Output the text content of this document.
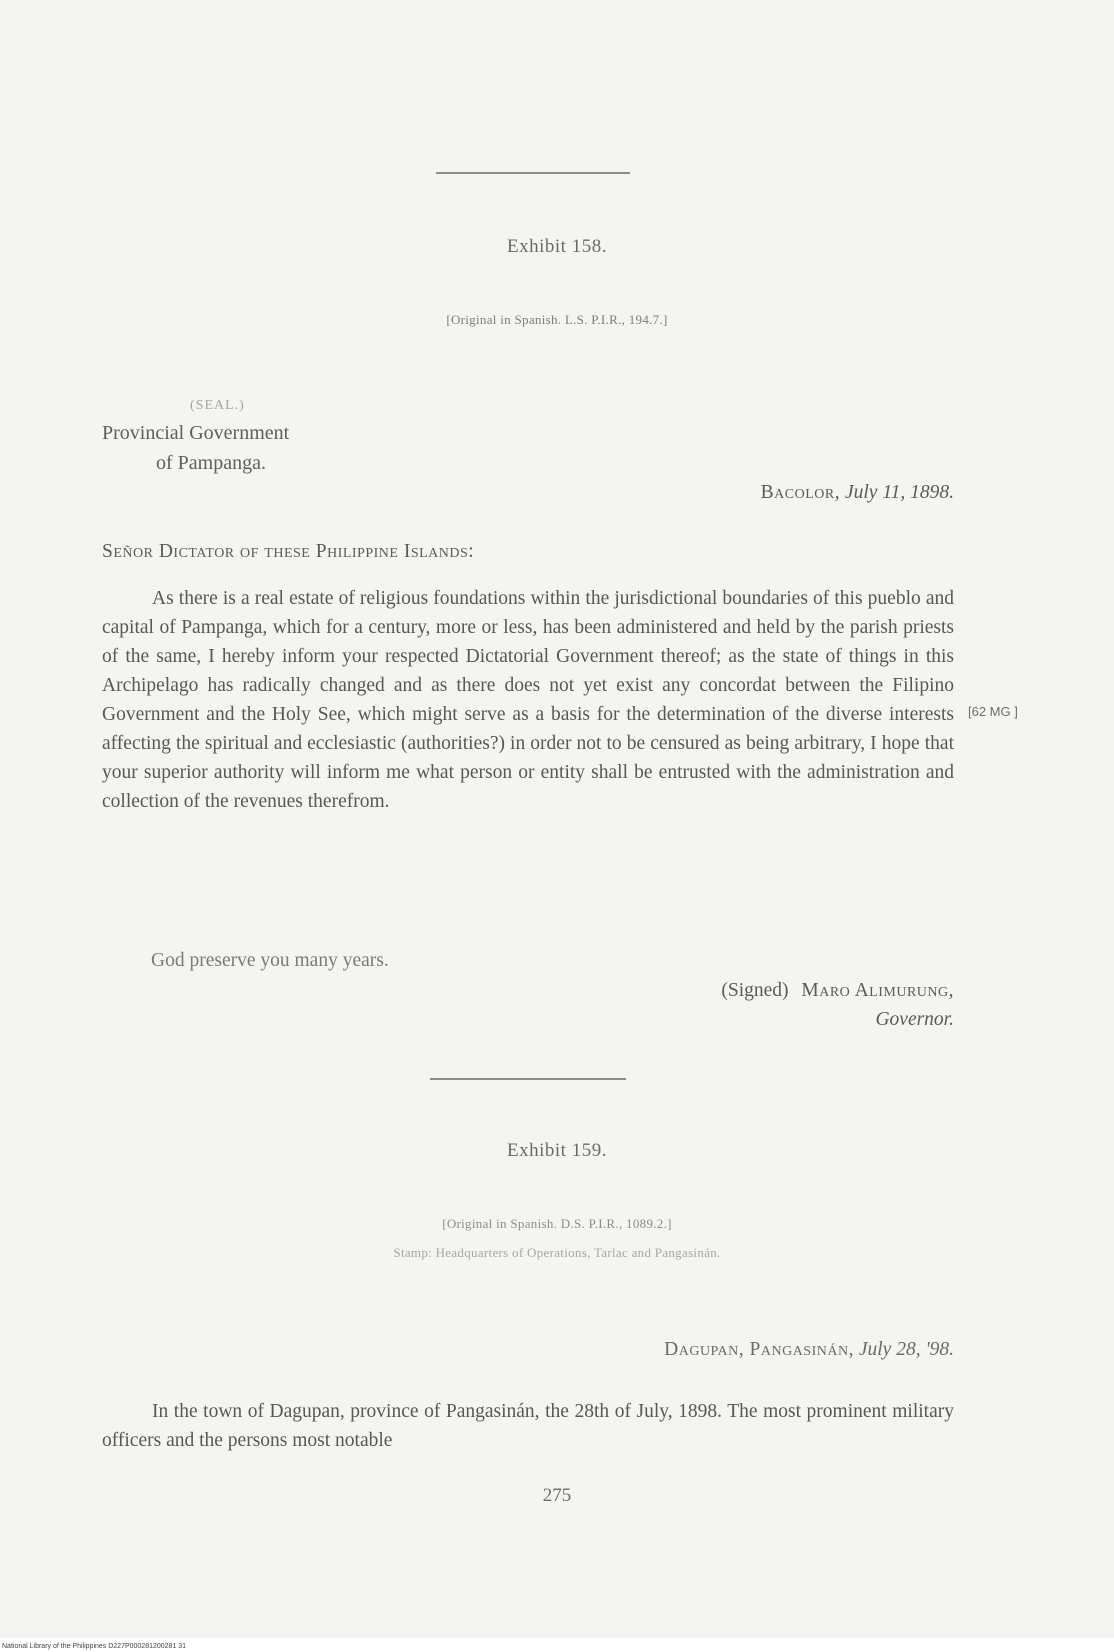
Exhibit 158.
[Original in Spanish. L.S. P.I.R., 194.7.]
(SEAL.)
Provincial Government
of Pampanga.
Bacolor, July 11, 1898.
Señor Dictator of these Philippine Islands:

As there is a real estate of religious foundations within the jurisdictional boundaries of this pueblo and capital of Pampanga, which for a century, more or less, has been administered and held by the parish priests of the same, I hereby inform your respected Dictatorial Government thereof; as the state of things in this Archipelago has radically changed and as there does not yet exist any concordat between the Filipino Government and the Holy See, which might serve as a basis for the determination of the diverse interests affecting the spiritual and ecclesiastic (authorities?) in order not to be censured as being arbitrary, I hope that your superior authority will inform me what person or entity shall be entrusted with the administration and collection of the revenues therefrom.

[62 MG ]
God preserve you many years.
(Signed) Maro Alimurung,
Governor.
Exhibit 159.
[Original in Spanish. D.S. P.I.R., 1089.2.]
Stamp: Headquarters of Operations, Tarlac and Pangasinán.
Dagupan, Pangasinán, July 28, '98.

In the town of Dagupan, province of Pangasinán, the 28th of July, 1898. The most prominent military officers and the persons most notable

275
National Library of the Philippines D227P000281200281 31
